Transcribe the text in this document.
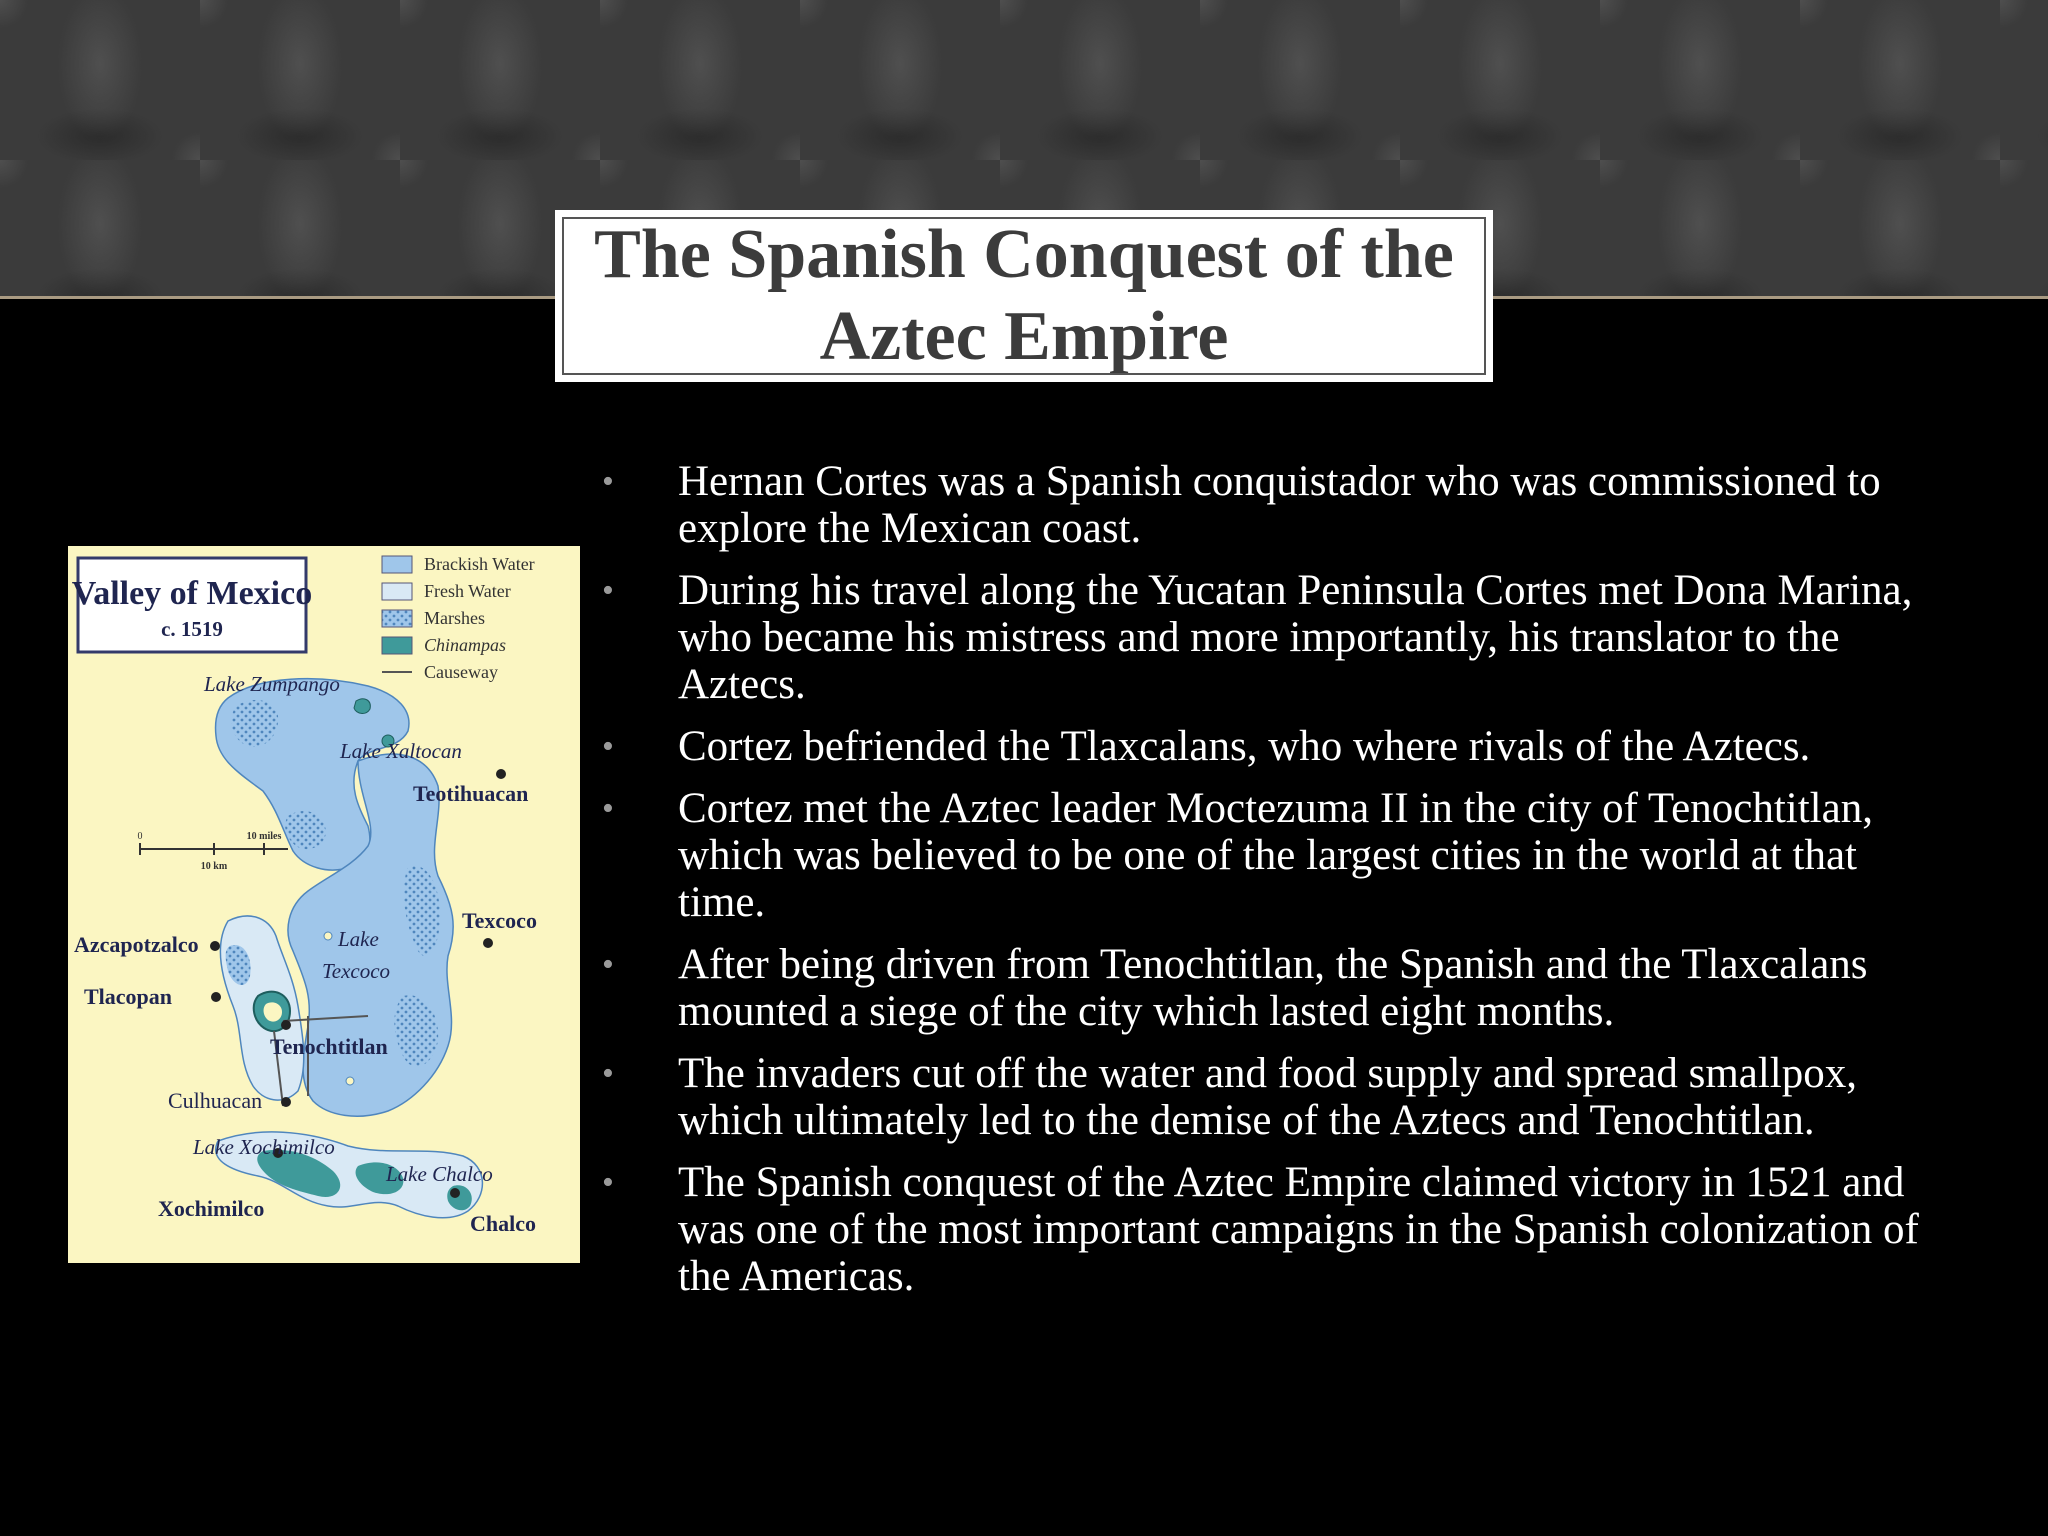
The Spanish Conquest of the Aztec Empire
Valley of Mexico
c. 1519
Brackish Water
Fresh Water
Marshes
Chinampas
Causeway
0	10 miles
10 km
Lake Zumpango
Lake Xaltocan
Lake
Texcoco
Lake Xochimilco
Lake Chalco
Teotihuacan
Texcoco
Azcapotzalco
Tlacopan
Tenochtitlan
Culhuacan
Xochimilco
Chalco
• Hernan Cortes was a Spanish conquistador who was commissioned to explore the Mexican coast.
• During his travel along the Yucatan Peninsula Cortes met Dona Marina, who became his mistress and more importantly, his translator to the Aztecs.
• Cortez befriended the Tlaxcalans, who where rivals of the Aztecs.
• Cortez met the Aztec leader Moctezuma II in the city of Tenochtitlan, which was believed to be one of the largest cities in the world at that time.
• After being driven from Tenochtitlan, the Spanish and the Tlaxcalans mounted a siege of the city which lasted eight months.
• The invaders cut off the water and food supply and spread smallpox, which ultimately led to the demise of the Aztecs and Tenochtitlan.
• The Spanish conquest of the Aztec Empire claimed victory in 1521 and was one of the most important campaigns in the Spanish colonization of the Americas.
